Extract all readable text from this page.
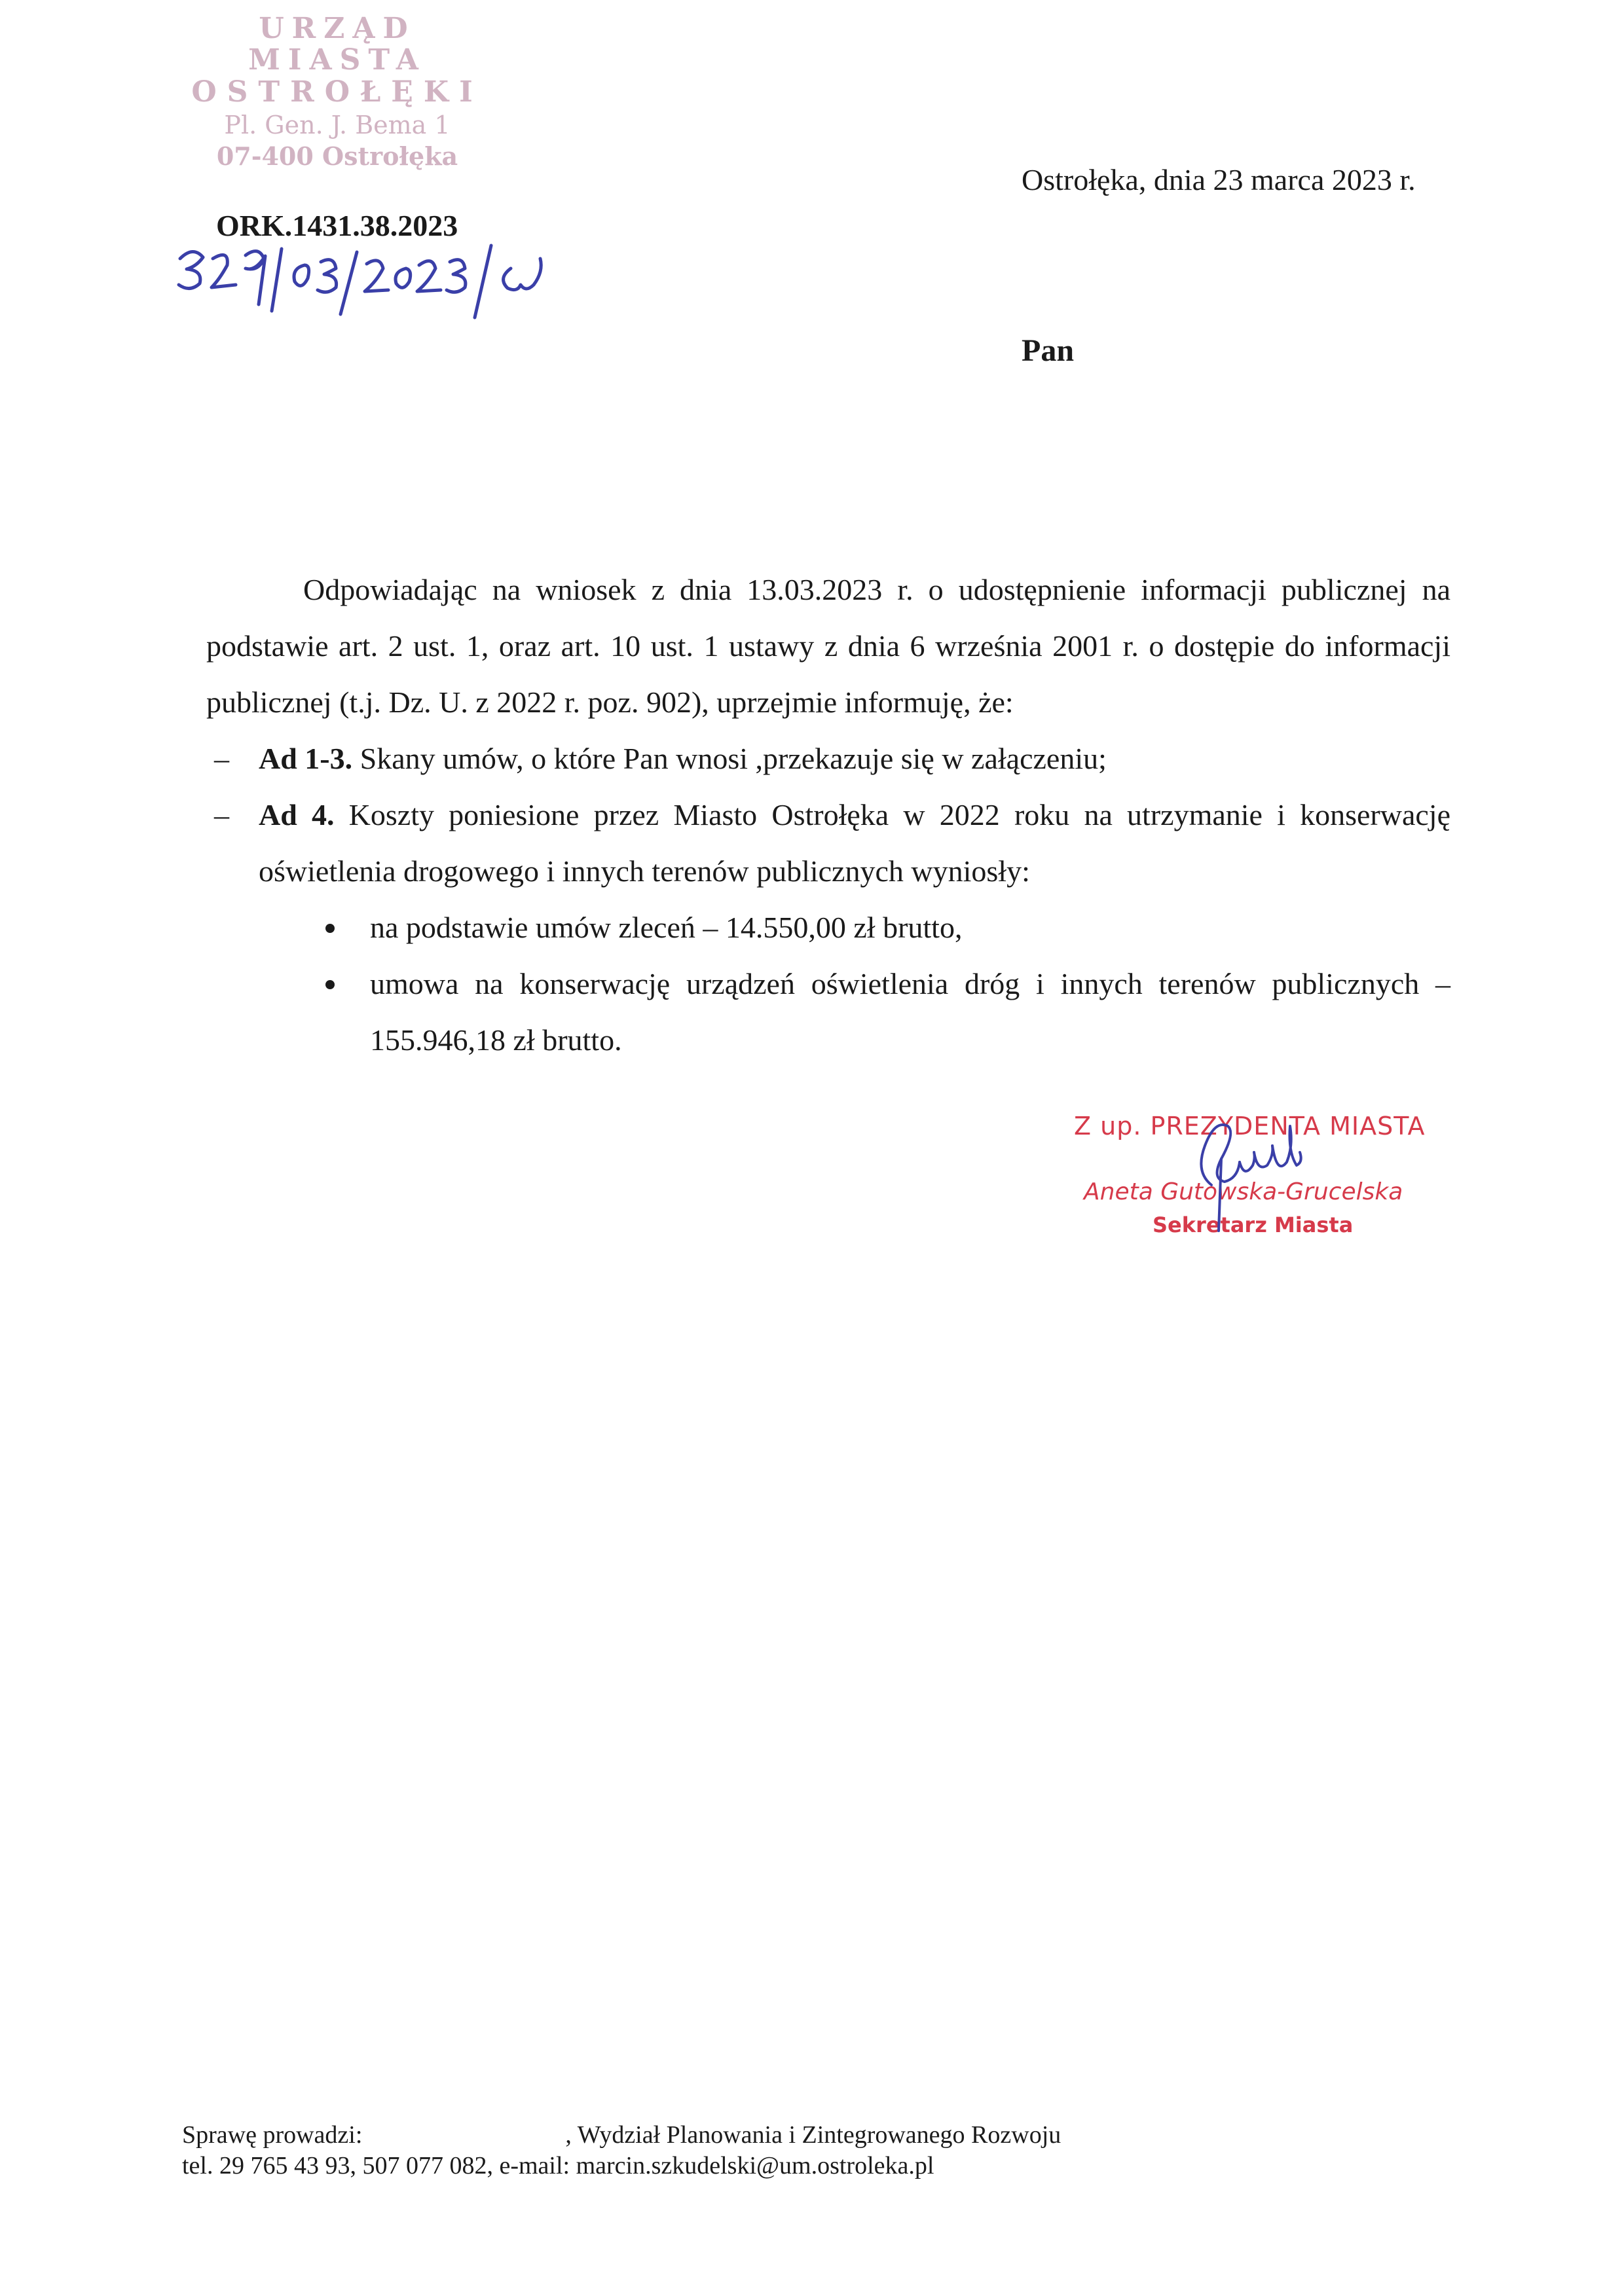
URZĄD MIASTA
OSTROŁĘKI
Pl. Gen. J. Bema 1
07-400 Ostrołęka
Ostrołęka, dnia 23 marca 2023 r.
ORK.1431.38.2023
Pan

Odpowiadając na wniosek z dnia 13.03.2023 r. o udostępnienie informacji publicznej na podstawie art. 2 ust. 1, oraz art. 10 ust. 1 ustawy z dnia 6 września 2001 r. o dostępie do informacji publicznej (t.j. Dz. U. z 2022 r. poz. 902), uprzejmie informuję, że:

– Ad 1-3. Skany umów, o które Pan wnosi ,przekazuje się w załączeniu;
– Ad 4. Koszty poniesione przez Miasto Ostrołęka w 2022 roku na utrzymanie i konserwację oświetlenia drogowego i innych terenów publicznych wyniosły:
na podstawie umów zleceń – 14.550,00 zł brutto,
umowa na konserwację urządzeń oświetlenia dróg i innych terenów publicznych – 155.946,18 zł brutto.
Z up. PREZYDENTA MIASTA
Aneta Gutowska-Grucelska
Sekretarz Miasta
Sprawę prowadzi:	, Wydział Planowania i Zintegrowanego Rozwoju
tel. 29 765 43 93, 507 077 082, e-mail: marcin.szkudelski@um.ostroleka.pl
